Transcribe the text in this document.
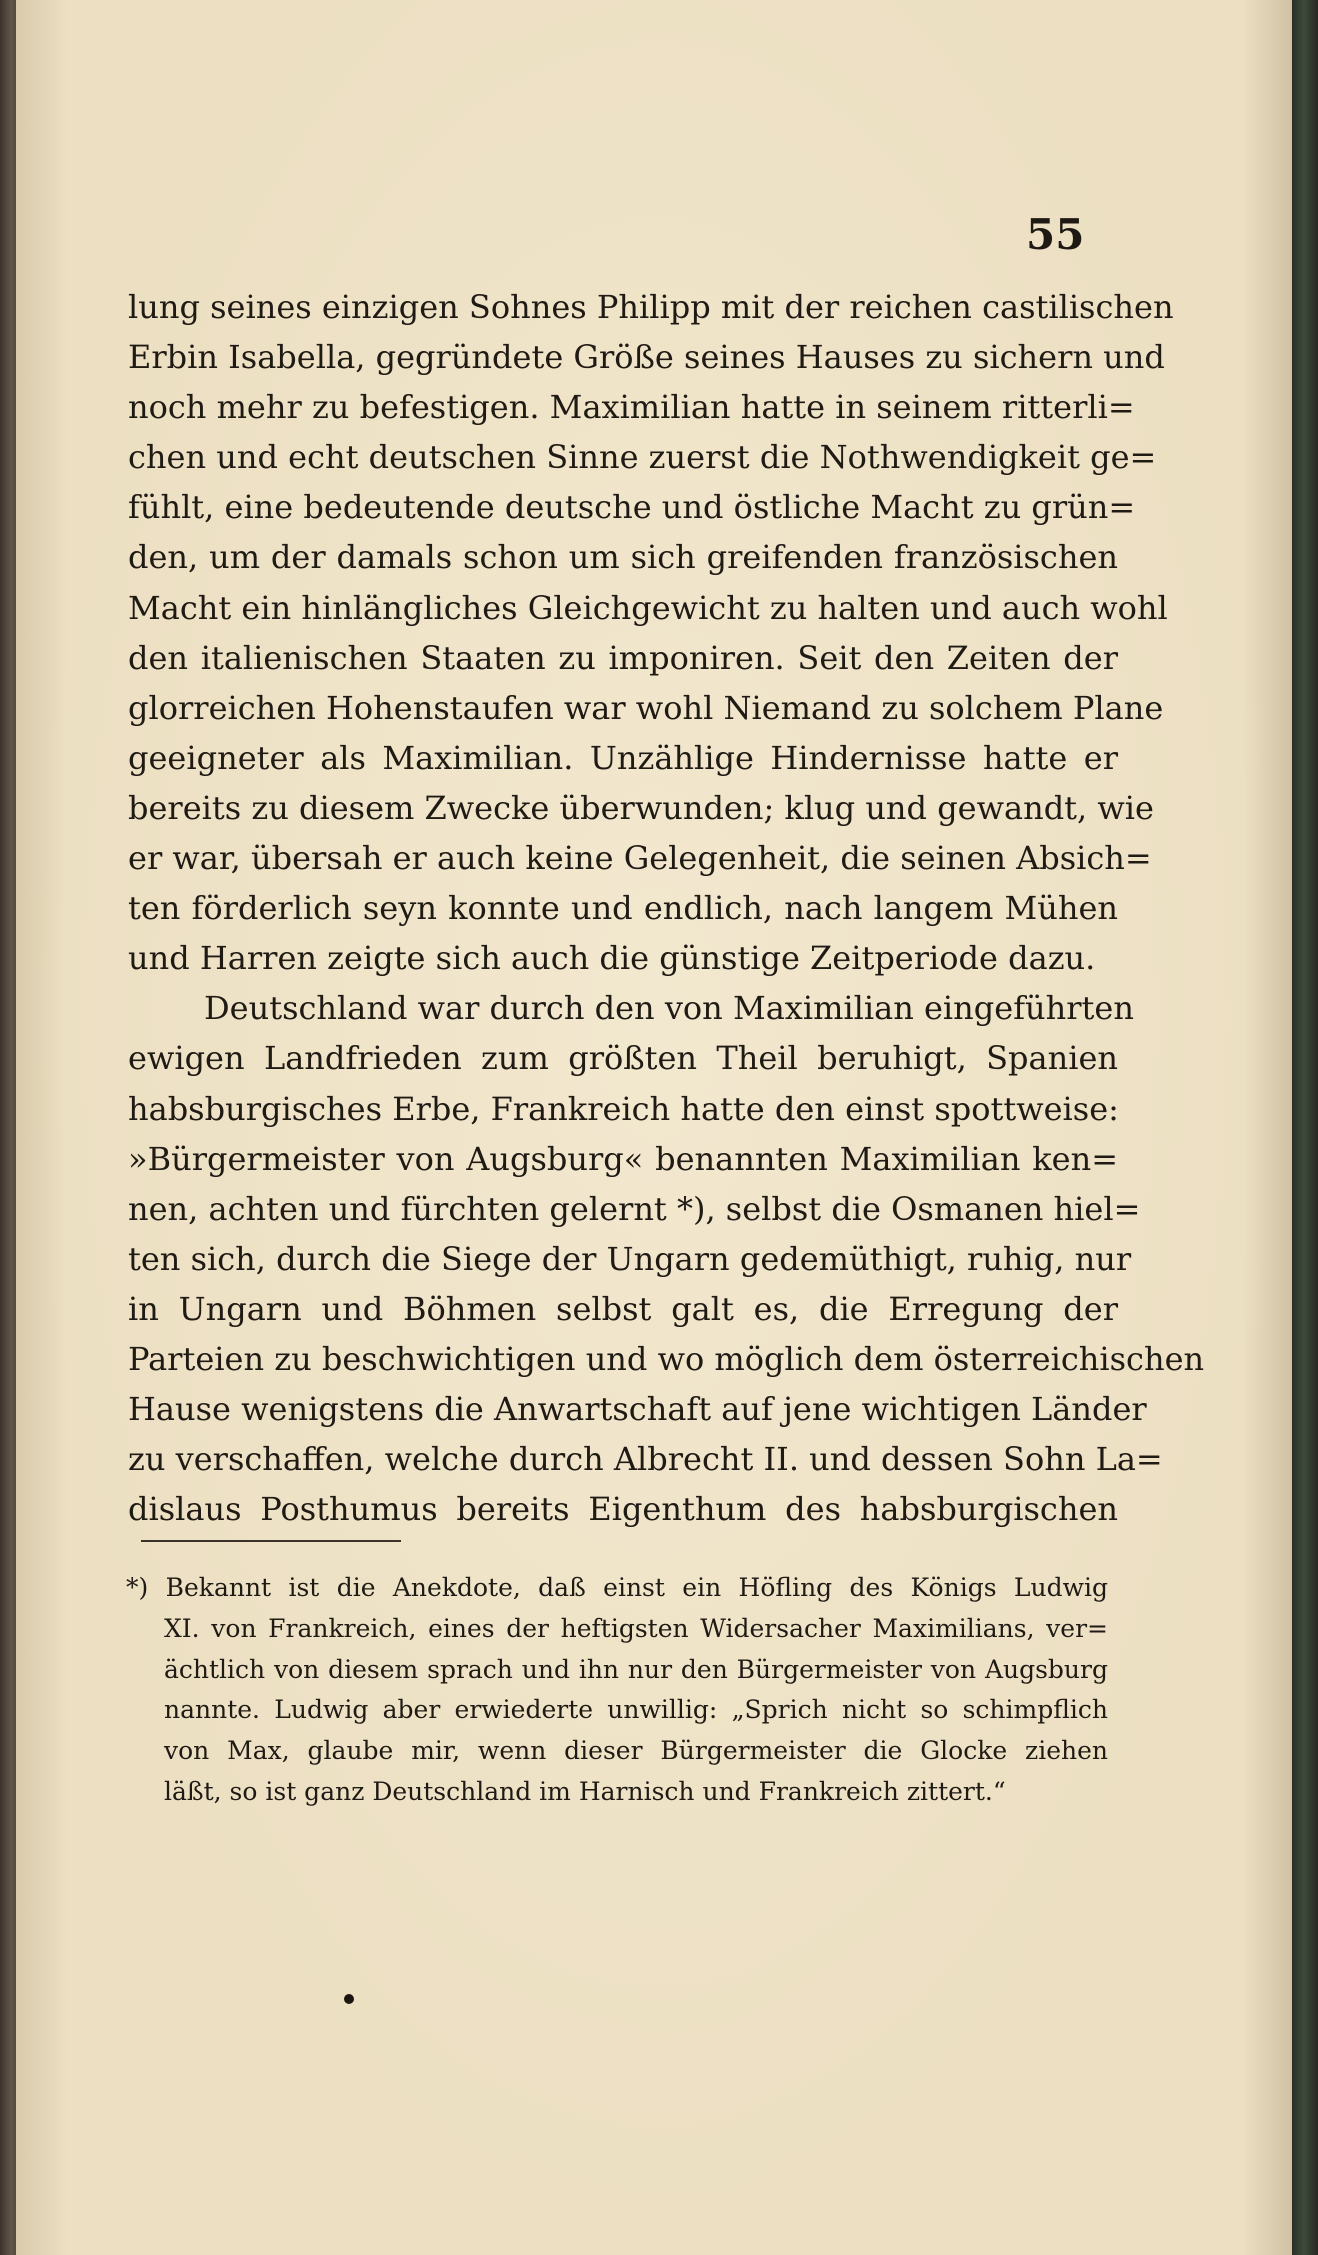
55
lung seines einzigen Sohnes Philipp mit der reichen castilischen
Erbin Isabella, gegründete Größe seines Hauses zu sichern und
noch mehr zu befestigen. Maximilian hatte in seinem ritterli=
chen und echt deutschen Sinne zuerst die Nothwendigkeit ge=
fühlt, eine bedeutende deutsche und östliche Macht zu grün=
den, um der damals schon um sich greifenden französischen
Macht ein hinlängliches Gleichgewicht zu halten und auch wohl
den italienischen Staaten zu imponiren. Seit den Zeiten der
glorreichen Hohenstaufen war wohl Niemand zu solchem Plane
geeigneter als Maximilian. Unzählige Hindernisse hatte er
bereits zu diesem Zwecke überwunden; klug und gewandt, wie
er war, übersah er auch keine Gelegenheit, die seinen Absich=
ten förderlich seyn konnte und endlich, nach langem Mühen
und Harren zeigte sich auch die günstige Zeitperiode dazu.
Deutschland war durch den von Maximilian eingeführten
ewigen Landfrieden zum größten Theil beruhigt, Spanien
habsburgisches Erbe, Frankreich hatte den einst spottweise:
»Bürgermeister von Augsburg« benannten Maximilian ken=
nen, achten und fürchten gelernt *), selbst die Osmanen hiel=
ten sich, durch die Siege der Ungarn gedemüthigt, ruhig, nur
in Ungarn und Böhmen selbst galt es, die Erregung der
Parteien zu beschwichtigen und wo möglich dem österreichischen
Hause wenigstens die Anwartschaft auf jene wichtigen Länder
zu verschaffen, welche durch Albrecht II. und dessen Sohn La=
dislaus Posthumus bereits Eigenthum des habsburgischen
*) Bekannt ist die Anekdote, daß einst ein Höfling des Königs Ludwig
XI. von Frankreich, eines der heftigsten Widersacher Maximilians, ver=
ächtlich von diesem sprach und ihn nur den Bürgermeister von Augsburg
nannte. Ludwig aber erwiederte unwillig: „Sprich nicht so schimpflich
von Max, glaube mir, wenn dieser Bürgermeister die Glocke ziehen
läßt, so ist ganz Deutschland im Harnisch und Frankreich zittert.“
